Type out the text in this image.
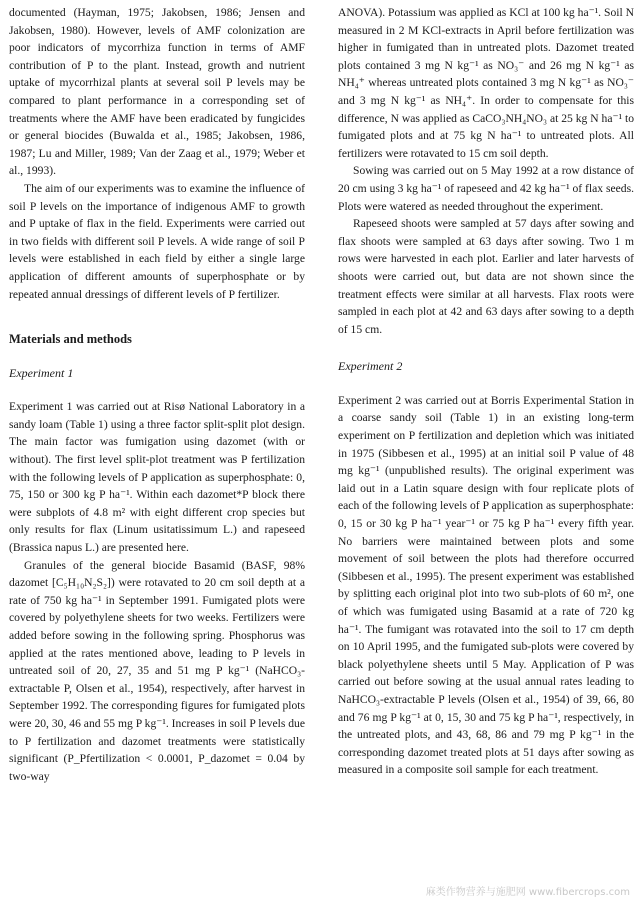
documented (Hayman, 1975; Jakobsen, 1986; Jensen and Jakobsen, 1980). However, levels of AMF colonization are poor indicators of mycorrhiza function in terms of AMF contribution of P to the plant. Instead, growth and nutrient uptake of mycorrhizal plants at several soil P levels may be compared to plant performance in a corresponding set of treatments where the AMF have been eradicated by fungicides or general biocides (Buwalda et al., 1985; Jakobsen, 1986, 1987; Lu and Miller, 1989; Van der Zaag et al., 1979; Weber et al., 1993).

The aim of our experiments was to examine the influence of soil P levels on the importance of indigenous AMF to growth and P uptake of flax in the field. Experiments were carried out in two fields with different soil P levels. A wide range of soil P levels were established in each field by either a single large application of different amounts of superphosphate or by repeated annual dressings of different levels of P fertilizer.

Materials and methods
Experiment 1

Experiment 1 was carried out at Risø National Laboratory in a sandy loam (Table 1) using a three factor split-split plot design. The main factor was fumigation using dazomet (with or without). The first level split-plot treatment was P fertilization with the following levels of P application as superphosphate: 0, 75, 150 or 300 kg P ha⁻¹. Within each dazomet*P block there were subplots of 4.8 m² with eight different crop species but only results for flax (Linum usitatissimum L.) and rapeseed (Brassica napus L.) are presented here.

Granules of the general biocide Basamid (BASF, 98% dazomet [C₅H₁₀N₂S₂]) were rotavated to 20 cm soil depth at a rate of 750 kg ha⁻¹ in September 1991. Fumigated plots were covered by polyethylene sheets for two weeks. Fertilizers were added before sowing in the following spring. Phosphorus was applied at the rates mentioned above, leading to P levels in untreated soil of 20, 27, 35 and 51 mg P kg⁻¹ (NaHCO₃-extractable P, Olsen et al., 1954), respectively, after harvest in September 1992. The corresponding figures for fumigated plots were 20, 30, 46 and 55 mg P kg⁻¹. Increases in soil P levels due to P fertilization and dazomet treatments were statistically significant (P_Pfertilization < 0.0001, P_dazomet = 0.04 by two-way

ANOVA). Potassium was applied as KCl at 100 kg ha⁻¹. Soil N measured in 2 M KCl-extracts in April before fertilization was higher in fumigated than in untreated plots. Dazomet treated plots contained 3 mg N kg⁻¹ as NO₃⁻ and 26 mg N kg⁻¹ as NH₄⁺ whereas untreated plots contained 3 mg N kg⁻¹ as NO₃⁻ and 3 mg N kg⁻¹ as NH₄⁺. In order to compensate for this difference, N was applied as CaCO₃NH₄NO₃ at 25 kg N ha⁻¹ to fumigated plots and at 75 kg N ha⁻¹ to untreated plots. All fertilizers were rotavated to 15 cm soil depth.

Sowing was carried out on 5 May 1992 at a row distance of 20 cm using 3 kg ha⁻¹ of rapeseed and 42 kg ha⁻¹ of flax seeds. Plots were watered as needed throughout the experiment.

Rapeseed shoots were sampled at 57 days after sowing and flax shoots were sampled at 63 days after sowing. Two 1 m rows were harvested in each plot. Earlier and later harvests of shoots were carried out, but data are not shown since the treatment effects were similar at all harvests. Flax roots were sampled in each plot at 42 and 63 days after sowing to a depth of 15 cm.

Experiment 2

Experiment 2 was carried out at Borris Experimental Station in a coarse sandy soil (Table 1) in an existing long-term experiment on P fertilization and depletion which was initiated in 1975 (Sibbesen et al., 1995) at an initial soil P value of 48 mg kg⁻¹ (unpublished results). The original experiment was laid out in a Latin square design with four replicate plots of each of the following levels of P application as superphosphate: 0, 15 or 30 kg P ha⁻¹ year⁻¹ or 75 kg P ha⁻¹ every fifth year. No barriers were maintained between plots and some movement of soil between the plots had therefore occurred (Sibbesen et al., 1995). The present experiment was established by splitting each original plot into two sub-plots of 60 m², one of which was fumigated using Basamid at a rate of 720 kg ha⁻¹. The fumigant was rotavated into the soil to 17 cm depth on 10 April 1995, and the fumigated sub-plots were covered by black polyethylene sheets until 5 May. Application of P was carried out before sowing at the usual annual rates leading to NaHCO₃-extractable P levels (Olsen et al., 1954) of 39, 66, 80 and 76 mg P kg⁻¹ at 0, 15, 30 and 75 kg P ha⁻¹, respectively, in the untreated plots, and 43, 68, 86 and 79 mg P kg⁻¹ in the corresponding dazomet treated plots at 51 days after sowing as measured in a composite soil sample for each treatment.

麻类作物营养与施肥网 www.fibercrops.com
